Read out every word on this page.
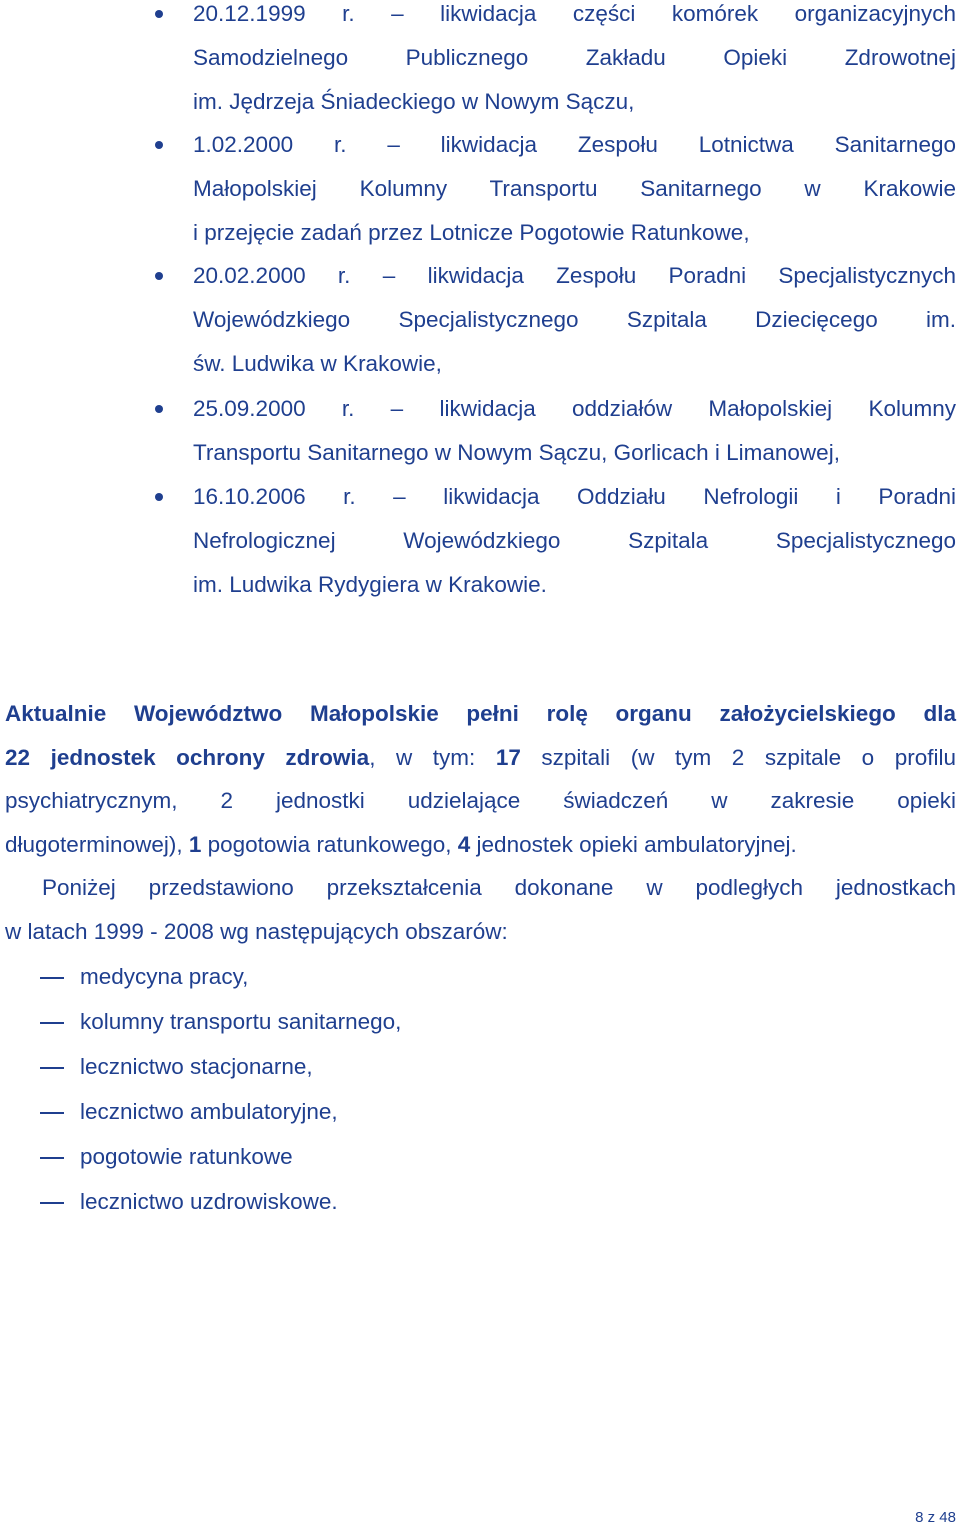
20.12.1999 r. – likwidacja części komórek organizacyjnych
Samodzielnego Publicznego Zakładu Opieki Zdrowotnej
im. Jędrzeja Śniadeckiego w Nowym Sączu,
1.02.2000 r. – likwidacja Zespołu Lotnictwa Sanitarnego
Małopolskiej Kolumny Transportu Sanitarnego w Krakowie
i przejęcie zadań przez Lotnicze Pogotowie Ratunkowe,
20.02.2000 r. – likwidacja Zespołu Poradni Specjalistycznych
Wojewódzkiego Specjalistycznego Szpitala Dziecięcego im.
św. Ludwika w Krakowie,
25.09.2000 r. – likwidacja oddziałów Małopolskiej Kolumny
Transportu Sanitarnego w Nowym Sączu, Gorlicach i Limanowej,
16.10.2006 r. – likwidacja Oddziału Nefrologii i Poradni
Nefrologicznej Wojewódzkiego Szpitala Specjalistycznego
im. Ludwika Rydygiera w Krakowie.
Aktualnie Województwo Małopolskie pełni rolę organu założycielskiego dla
22 jednostek ochrony zdrowia, w tym: 17 szpitali (w tym 2 szpitale o profilu
psychiatrycznym, 2 jednostki udzielające świadczeń w zakresie opieki
długoterminowej), 1 pogotowia ratunkowego, 4 jednostek opieki ambulatoryjnej.
Poniżej przedstawiono przekształcenia dokonane w podległych jednostkach
w latach 1999 - 2008 wg następujących obszarów:
medycyna pracy,
kolumny transportu sanitarnego,
lecznictwo stacjonarne,
lecznictwo ambulatoryjne,
pogotowie ratunkowe
lecznictwo uzdrowiskowe.
8 z 48
